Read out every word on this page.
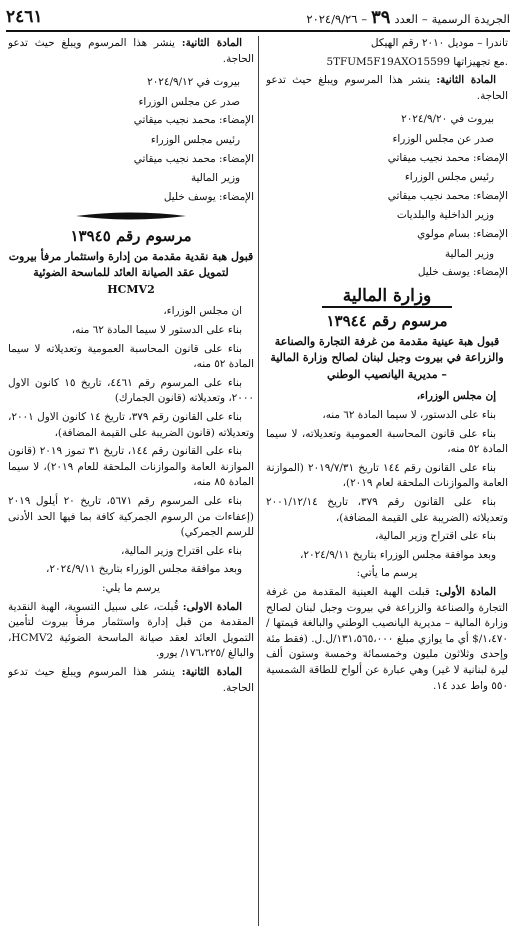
الجريدة الرسمية
–
العدد
٣٩
–
٢٠٢٤/٩/٢٦
٢٤٦١

تاندرا – موديل ٢٠١٠ رقم الهيكل

5TFUM5F19AXO15599 مع تجهيزاتها.

المادة الثانية: ينشر هذا المرسوم ويبلغ حيث تدعو الحاجة.

بيروت في ٢٠٢٤/٩/٢٠

صدر عن مجلس الوزراء

الإمضاء: محمد نجيب ميقاتي

رئيس مجلس الوزراء

الإمضاء: محمد نجيب ميقاتي

وزير الداخلية والبلديات

الإمضاء: بسام مولوي

وزير المالية

الإمضاء: يوسف خليل

وزارة المالية
مرسوم رقم ١٣٩٤٤
قبول هبة عينية مقدمة من غرفة التجارة والصناعة والزراعة في بيروت وجبل لبنان لصالح وزارة المالية – مديرية اليانصيب الوطني

إن مجلس الوزراء،

بناء على الدستور، لا سيما المادة ٦٢ منه،

بناء على قانون المحاسبة العمومية وتعديلاته، لا سيما المادة ٥٢ منه،

بناء على القانون رقم ١٤٤ تاريخ ٢٠١٩/٧/٣١ (الموازنة العامة والموازنات الملحقة لعام ٢٠١٩)،

بناء على القانون رقم ٣٧٩، تاريخ ٢٠٠١/١٢/١٤ وتعديلاته (الضريبة على القيمة المضافة)،

بناء على اقتراح وزير المالية،

وبعد موافقة مجلس الوزراء بتاريخ ٢٠٢٤/٩/١١،

يرسم ما يأتي:

المادة الأولى: قبلت الهبة العينية المقدمة من غرفة التجارة والصناعة والزراعة في بيروت وجبل لبنان لصالح وزارة المالية – مديرية اليانصيب الوطني والبالغة قيمتها /١،٤٧٠/$ أي ما يوازي مبلغ ١٣١،٥٦٥،٠٠٠/ل.ل. (فقط مئة وإحدى وثلاثون مليون وخمسمائة وخمسة وستون ألف ليرة لبنانية لا غير) وهي عبارة عن ألواح للطاقة الشمسية ٥٥٠ واط عدد ١٤.

المادة الثانية: ينشر هذا المرسوم ويبلغ حيث تدعو الحاجة.

بيروت في ٢٠٢٤/٩/١٢

صدر عن مجلس الوزراء

الإمضاء: محمد نجيب ميقاتي

رئيس مجلس الوزراء

الإمضاء: محمد نجيب ميقاتي

وزير المالية

الإمضاء: يوسف خليل

مرسوم رقم ١٣٩٤٥
قبول هبة نقدية مقدمة من إدارة واستثمار مرفأ بيروت لتمويل عقد الصيانة العائد للماسحة الضوئية HCMV2

ان مجلس الوزراء،

بناء على الدستور لا سيما المادة ٦٢ منه،

بناء على قانون المحاسبة العمومية وتعديلاته لا سيما المادة ٥٢ منه،

بناء على المرسوم رقم ٤٤٦١، تاريخ ١٥ كانون الاول ٢٠٠٠، وتعديلاته (قانون الجمارك)

بناء على القانون رقم ٣٧٩، تاريخ ١٤ كانون الاول ٢٠٠١، وتعديلاته (قانون الضريبة على القيمة المضافة)،

بناء على القانون رقم ١٤٤، تاريخ ٣١ تموز ٢٠١٩ (قانون الموازنة العامة والموازنات الملحقة للعام ٢٠١٩)، لا سيما المادة ٨٥ منه،

بناء على المرسوم رقم ٥٦٧١، تاريخ ٢٠ أيلول ٢٠١٩ (إعفاءات من الرسوم الجمركية كافة بما فيها الحد الأدنى للرسم الجمركي)

بناء على اقتراح وزير المالية،

وبعد موافقة مجلس الوزراء بتاريخ ٢٠٢٤/٩/١١،

يرسم ما يلي:

المادة الاولى: قُبلت، على سبيل التسوية، الهبة النقدية المقدمة من قبل إدارة واستثمار مرفأ بيروت لتأمين التمويل العائد لعقد صيانة الماسحة الضوئية HCMV2، والبالغ /١٧٦،٢٢٥/ يورو.

المادة الثانية: ينشر هذا المرسوم ويبلغ حيث تدعو الحاجة.
